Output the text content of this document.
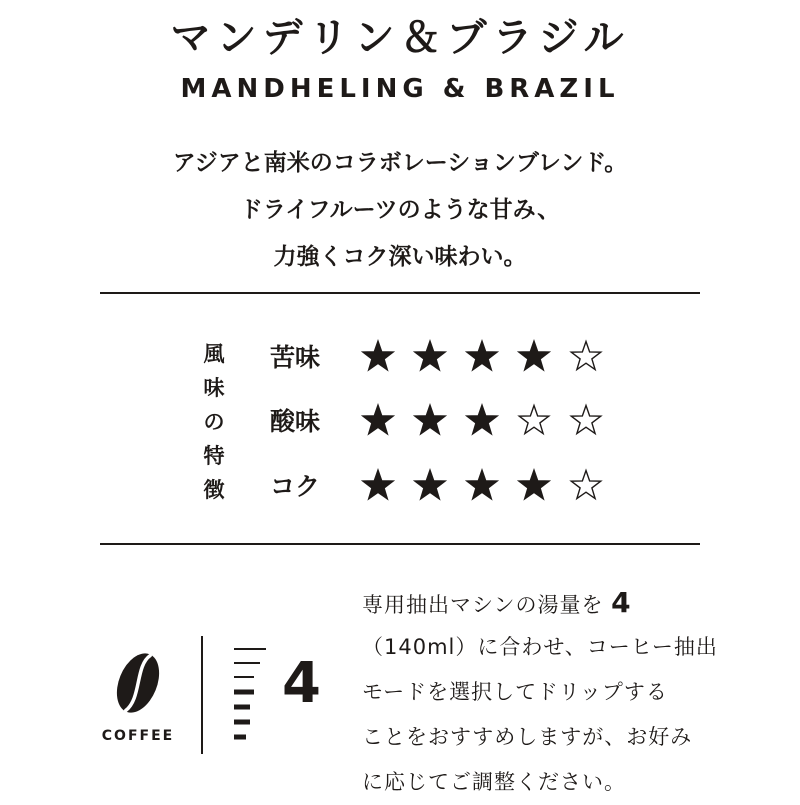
マンデリン＆ブラジル
MANDHELING & BRAZIL
アジアと南米のコラボレーションブレンド。
ドライフルーツのような甘み、
力強くコク深い味わい。
風
味
の
特
徴
苦味
酸味
コク
COFFEE
4
専用抽出マシンの湯量を 4
（140ml）に合わせ、コーヒー抽出
モードを選択してドリップする
ことをおすすめしますが、お好み
に応じてご調整ください。
